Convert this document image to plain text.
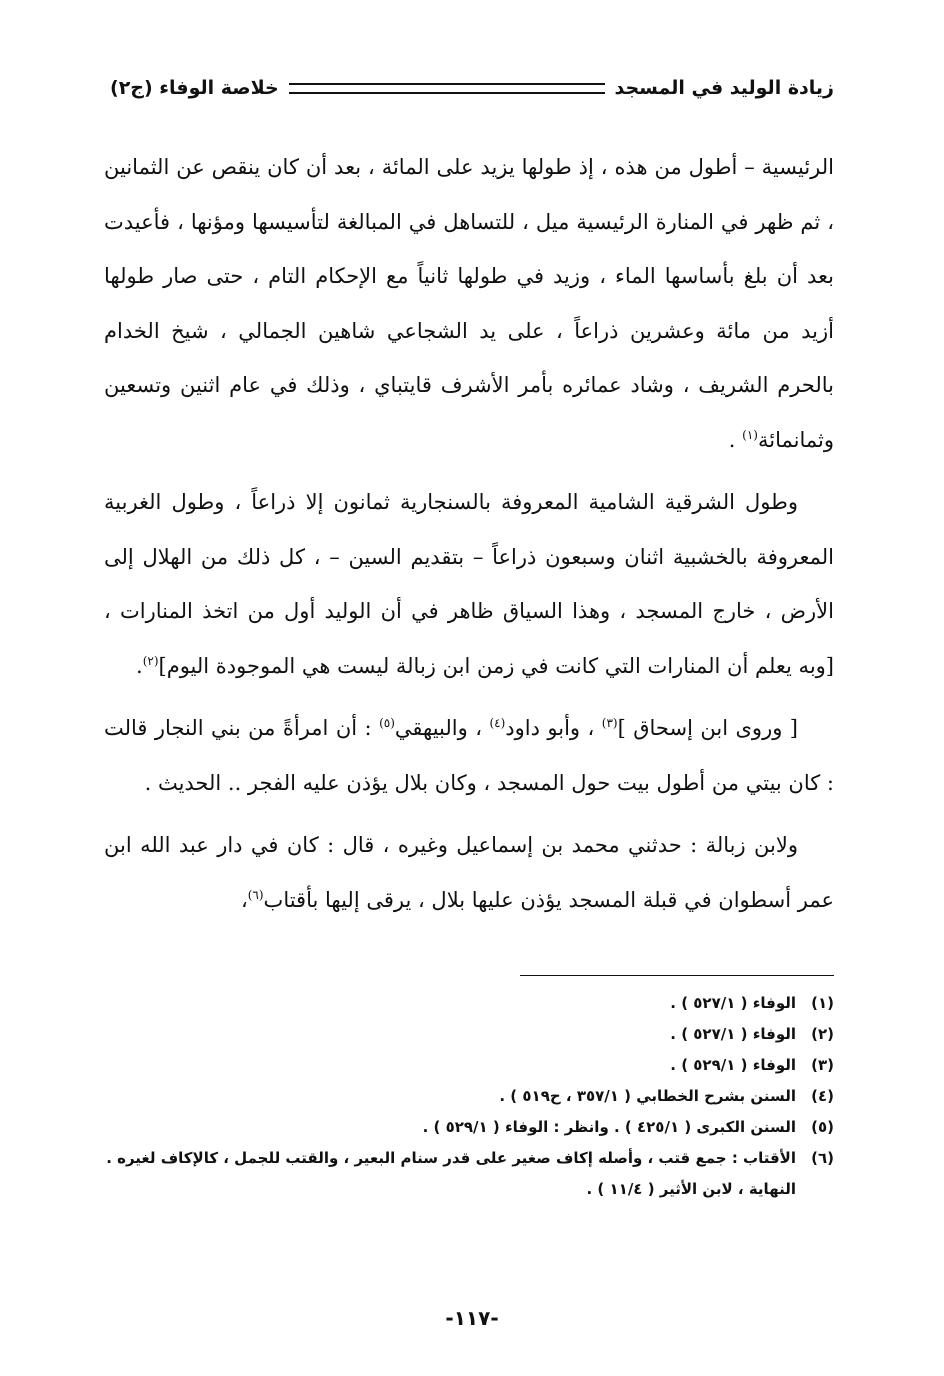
خلاصة الوفاء (ج٢)	زيادة الوليد في المسجد

الرئيسية – أطول من هذه ، إذ طولها يزيد على المائة ، بعد أن كان ينقص عن الثمانين ، ثم ظهر في المنارة الرئيسية ميل ، للتساهل في المبالغة لتأسيسها ومؤنها ، فأعيدت بعد أن بلغ بأساسها الماء ، وزيد في طولها ثانياً مع الإحكام التام ، حتى صار طولها أزيد من مائة وعشرين ذراعاً ، على يد الشجاعي شاهين الجمالي ، شيخ الخدام بالحرم الشريف ، وشاد عمائره بأمر الأشرف قايتباي ، وذلك في عام اثنين وتسعين وثمانمائة$^{(١)}$ .

وطول الشرقية الشامية المعروفة بالسنجارية ثمانون إلا ذراعاً ، وطول الغربية المعروفة بالخشبية اثنان وسبعون ذراعاً – بتقديم السين – ، كل ذلك من الهلال إلى الأرض ، خارج المسجد ، وهذا السياق ظاهر في أن الوليد أول من اتخذ المنارات ، [وبه يعلم أن المنارات التي كانت في زمن ابن زبالة ليست هي الموجودة اليوم]$^{(٢)}$.

[ وروى ابن إسحاق ]$^{(٣)}$ ، وأبو داود$^{(٤)}$ ، والبيهقي$^{(٥)}$ : أن امرأةً من بني النجار قالت : كان بيتي من أطول بيت حول المسجد ، وكان بلال يؤذن عليه الفجر .. الحديث .

ولابن زبالة : حدثني محمد بن إسماعيل وغيره ، قال : كان في دار عبد الله ابن عمر أسطوان في قبلة المسجد يؤذن عليها بلال ، يرقى إليها بأقتاب$^{(٦)}$،

(١)
الوفاء ( ٥٢٧/١ ) .
(٢)
الوفاء ( ٥٢٧/١ ) .
(٣)
الوفاء ( ٥٢٩/١ ) .
(٤)
السنن بشرح الخطابي ( ٣٥٧/١ ، ح٥١٩ ) .
(٥)
السنن الكبرى ( ٤٢٥/١ ) . وانظر : الوفاء ( ٥٢٩/١ ) .
(٦)
الأقتاب : جمع قتب ، وأصله إكاف صغير على قدر سنام البعير ، والقتب للجمل ، كالإكاف لغيره . النهاية ، لابن الأثير ( ١١/٤ ) .
-١١٧-
